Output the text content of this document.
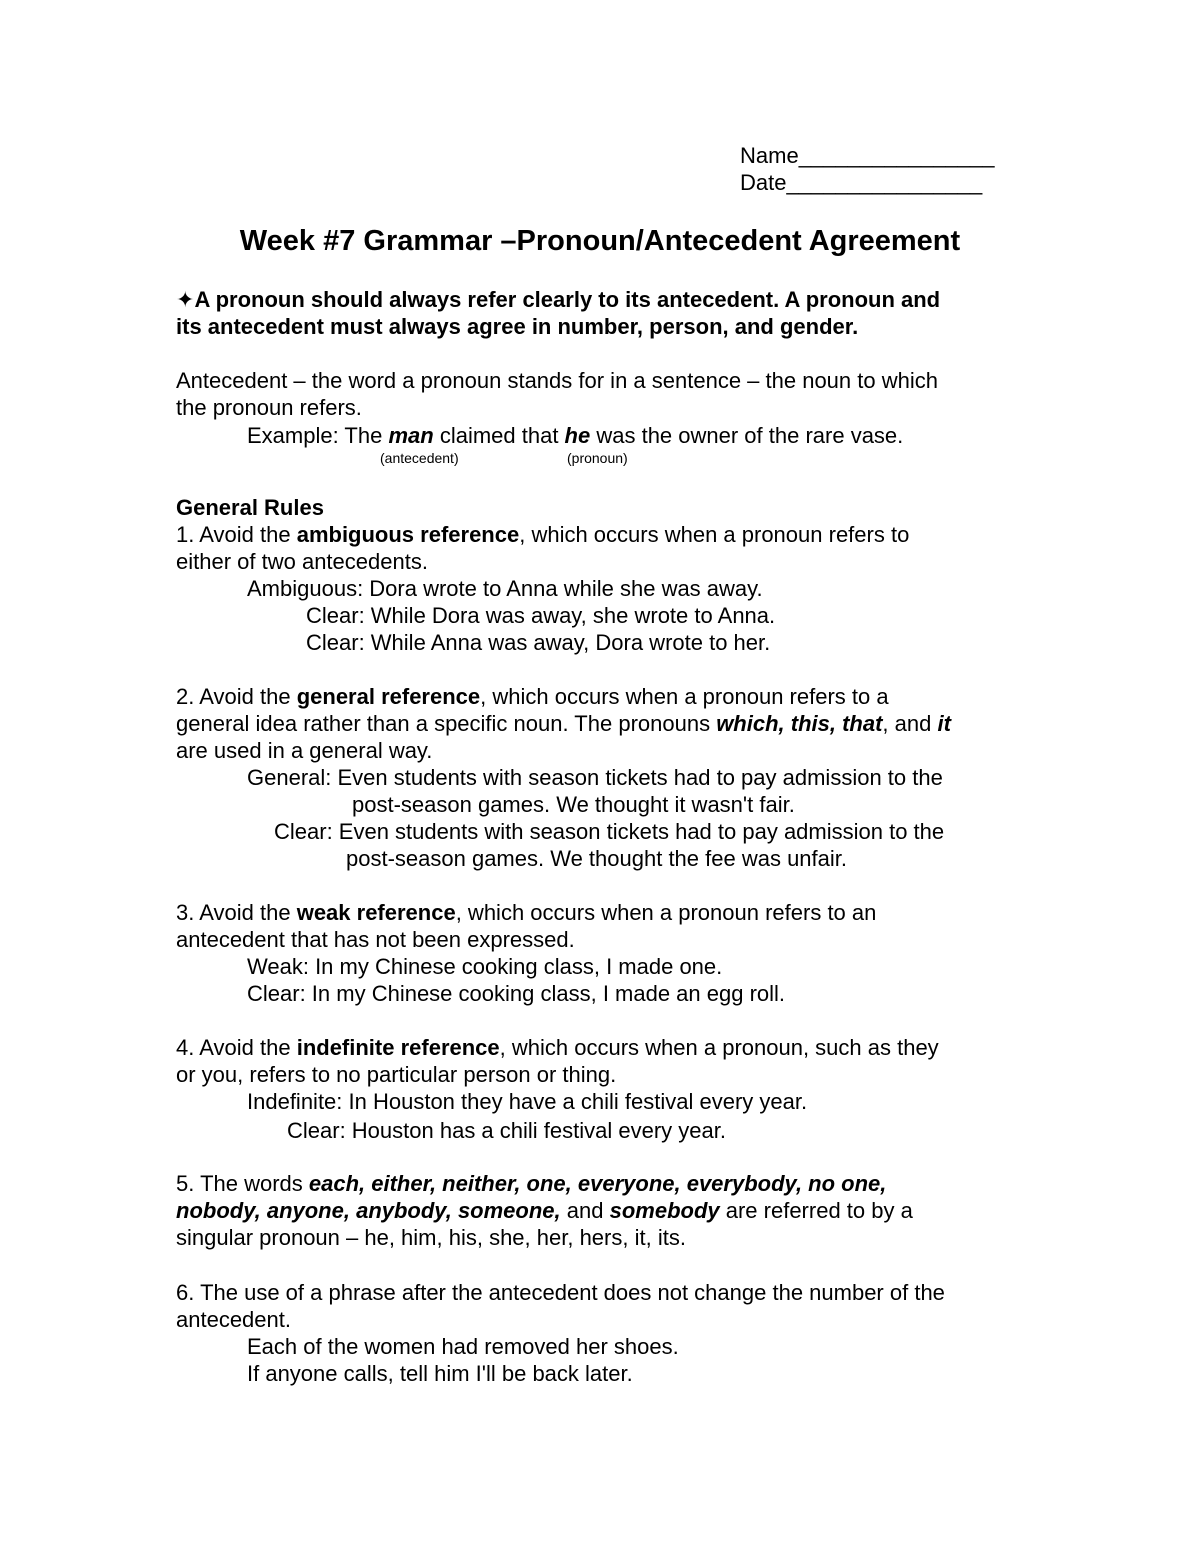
Name________________

Date________________

Week #7 Grammar –Pronoun/Antecedent Agreement
✦A pronoun should always refer clearly to its antecedent. A pronoun and
its antecedent must always agree in number, person, and gender.
Antecedent – the word a pronoun stands for in a sentence – the noun to which
the pronoun refers.
Example: The man claimed that he was the owner of the rare vase.
(antecedent)	(pronoun)
General Rules
1. Avoid the ambiguous reference, which occurs when a pronoun refers to
either of two antecedents.
Ambiguous: Dora wrote to Anna while she was away.
Clear: While Dora was away, she wrote to Anna.
Clear: While Anna was away, Dora wrote to her.
2. Avoid the general reference, which occurs when a pronoun refers to a
general idea rather than a specific noun. The pronouns which, this, that, and it
are used in a general way.
General: Even students with season tickets had to pay admission to the
post-season games. We thought it wasn't fair.
Clear: Even students with season tickets had to pay admission to the
post-season games. We thought the fee was unfair.
3. Avoid the weak reference, which occurs when a pronoun refers to an
antecedent that has not been expressed.
Weak: In my Chinese cooking class, I made one.
Clear: In my Chinese cooking class, I made an egg roll.
4. Avoid the indefinite reference, which occurs when a pronoun, such as they
or you, refers to no particular person or thing.
Indefinite: In Houston they have a chili festival every year.
Clear: Houston has a chili festival every year.
5. The words each, either, neither, one, everyone, everybody, no one,
nobody, anyone, anybody, someone, and somebody are referred to by a
singular pronoun – he, him, his, she, her, hers, it, its.
6. The use of a phrase after the antecedent does not change the number of the
antecedent.
Each of the women had removed her shoes.
If anyone calls, tell him I'll be back later.
